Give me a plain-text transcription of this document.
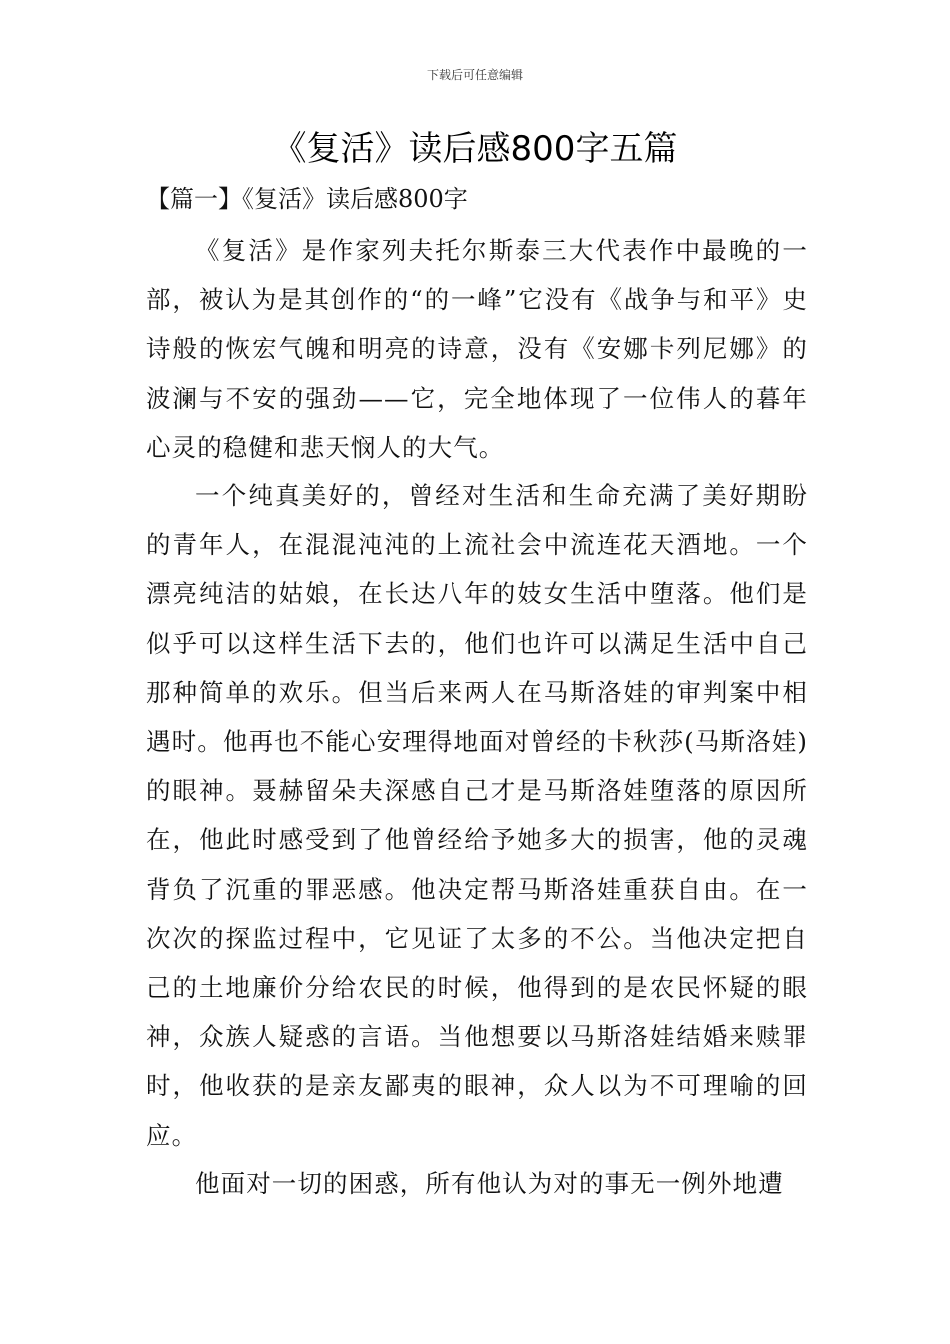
下载后可任意编辑
《复活》读后感800字五篇
【篇一】《复活》读后感800字

《复活》是作家列夫托尔斯泰三大代表作中最晚的一部，被认为是其创作的“的一峰”它没有《战争与和平》史诗般的恢宏气魄和明亮的诗意，没有《安娜卡列尼娜》的波澜与不安的强劲——它，完全地体现了一位伟人的暮年心灵的稳健和悲天悯人的大气。

一个纯真美好的，曾经对生活和生命充满了美好期盼的青年人，在混混沌沌的上流社会中流连花天酒地。一个漂亮纯洁的姑娘，在长达八年的妓女生活中堕落。他们是似乎可以这样生活下去的，他们也许可以满足生活中自己那种简单的欢乐。但当后来两人在马斯洛娃的审判案中相遇时。他再也不能心安理得地面对曾经的卡秋莎(马斯洛娃)的眼神。聂赫留朵夫深感自己才是马斯洛娃堕落的原因所在，他此时感受到了他曾经给予她多大的损害，他的灵魂背负了沉重的罪恶感。他决定帮马斯洛娃重获自由。在一次次的探监过程中，它见证了太多的不公。当他决定把自己的土地廉价分给农民的时候，他得到的是农民怀疑的眼神，众族人疑惑的言语。当他想要以马斯洛娃结婚来赎罪时，他收获的是亲友鄙夷的眼神，众人以为不可理喻的回应。

他面对一切的困惑，所有他认为对的事无一例外地遭
